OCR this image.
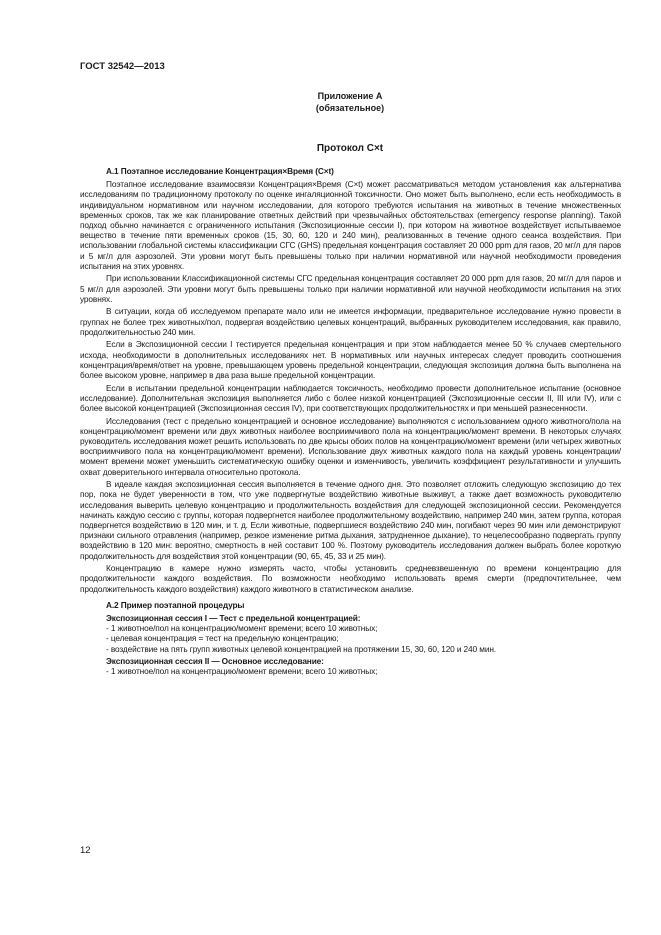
ГОСТ 32542—2013
Приложение А
(обязательное)
Протокол C×t
А.1 Поэтапное исследование Концентрация×Время (C×t)

Поэтапное исследование взаимосвязи Концентрация×Время (C×t) может рассматриваться методом установления как альтернатива исследованиям по традиционному протоколу по оценке ингаляционной токсичности. Оно может быть выполнено, если есть необходимость в индивидуальном нормативном или научном исследовании, для которого требуются испытания на животных в течение множественных временных сроков, так же как планирование ответных действий при чрезвычайных обстоятельствах (emergency response planning). Такой подход обычно начинается с ограниченного испытания (Экспозиционные сессии I), при котором на животное воздействует испытываемое вещество в течение пяти временных сроков (15, 30, 60, 120 и 240 мин), реализованных в течение одного сеанса воздействия. При использовании глобальной системы классификации СГС (GHS) предельная концентрация составляет 20 000 ppm для газов, 20 мг/л для паров и 5 мг/л для аэрозолей. Эти уровни могут быть превышены только при наличии нормативной или научной необходимости проведения испытания на этих уровнях.

При использовании Классификационной системы СГС предельная концентрация составляет 20 000 ppm для газов, 20 мг/л для паров и 5 мг/л для аэрозолей. Эти уровни могут быть превышены только при наличии нормативной или научной необходимости испытания на этих уровнях.

В ситуации, когда об исследуемом препарате мало или не имеется информации, предварительное исследование нужно провести в группах не более трех животных/пол, подвергая воздействию целевых концентраций, выбранных руководителем исследования, как правило, продолжительностью 240 мин.

Если в Экспозиционной сессии I тестируется предельная концентрация и при этом наблюдается менее 50 % случаев смертельного исхода, необходимости в дополнительных исследованиях нет. В нормативных или научных интересах следует проводить соотношения концентрация/время/ответ на уровне, превышающем уровень предельной концентрации, следующая экспозиция должна быть выполнена на более высоком уровне, например в два раза выше предельной концентрации.

Если в испытании предельной концентрации наблюдается токсичность, необходимо провести дополнительное испытание (основное исследование). Дополнительная экспозиция выполняется либо с более низкой концентрацией (Экспозиционные сессии II, III или IV), или с более высокой концентрацией (Экспозиционная сессия IV), при соответствующих продолжительностях и при меньшей разнесенности.

Исследования (тест с предельно концентрацией и основное исследование) выполняются с использованием одного животного/пола на концентрацию/момент времени или двух животных наиболее восприимчивого пола на концентрацию/момент времени. В некоторых случаях руководитель исследования может решить использовать по две крысы обоих полов на концентрацию/момент времени (или четырех животных восприимчивого пола на концентрацию/момент времени). Использование двух животных каждого пола на каждый уровень концентрации/момент времени может уменьшить систематическую ошибку оценки и изменчивость, увеличить коэффициент результативности и улучшить охват доверительного интервала относительно протокола.

В идеале каждая экспозиционная сессия выполняется в течение одного дня. Это позволяет отложить следующую экспозицию до тех пор, пока не будет уверенности в том, что уже подвергнутые воздействию животные выживут, а также дает возможность руководителю исследования выверить целевую концентрацию и продолжительность воздействия для следующей экспозиционной сессии. Рекомендуется начинать каждую сессию с группы, которая подвергнется наиболее продолжительному воздействию, например 240 мин, затем группа, которая подвергнется воздействию в 120 мин, и т. д. Если животные, подвергшиеся воздействию 240 мин, погибают через 90 мин или демонстрируют признаки сильного отравления (например, резкое изменение ритма дыхания, затрудненное дыхание), то нецелесообразно подвергать группу воздействию в 120 мин: вероятно, смертность в ней составит 100 %. Поэтому руководитель исследования должен выбрать более короткую продолжительность для воздействия этой концентрации (90, 65, 45, 33 и 25 мин).

Концентрацию в камере нужно измерять часто, чтобы установить средневзвешенную по времени концентрацию для продолжительности каждого воздействия. По возможности необходимо использовать время смерти (предпочтительнее, чем продолжительность каждого воздействия) каждого животного в статистическом анализе.

А.2 Пример поэтапной процедуры
Экспозиционная сессия I — Тест с предельной концентрацией:
- 1 животное/пол на концентрацию/момент времени; всего 10 животных;
- целевая концентрация = тест на предельную концентрацию;
- воздействие на пять групп животных целевой концентрацией на протяжении 15, 30, 60, 120 и 240 мин.
Экспозиционная сессия II — Основное исследование:
- 1 животное/пол на концентрацию/момент времени; всего 10 животных;
12
